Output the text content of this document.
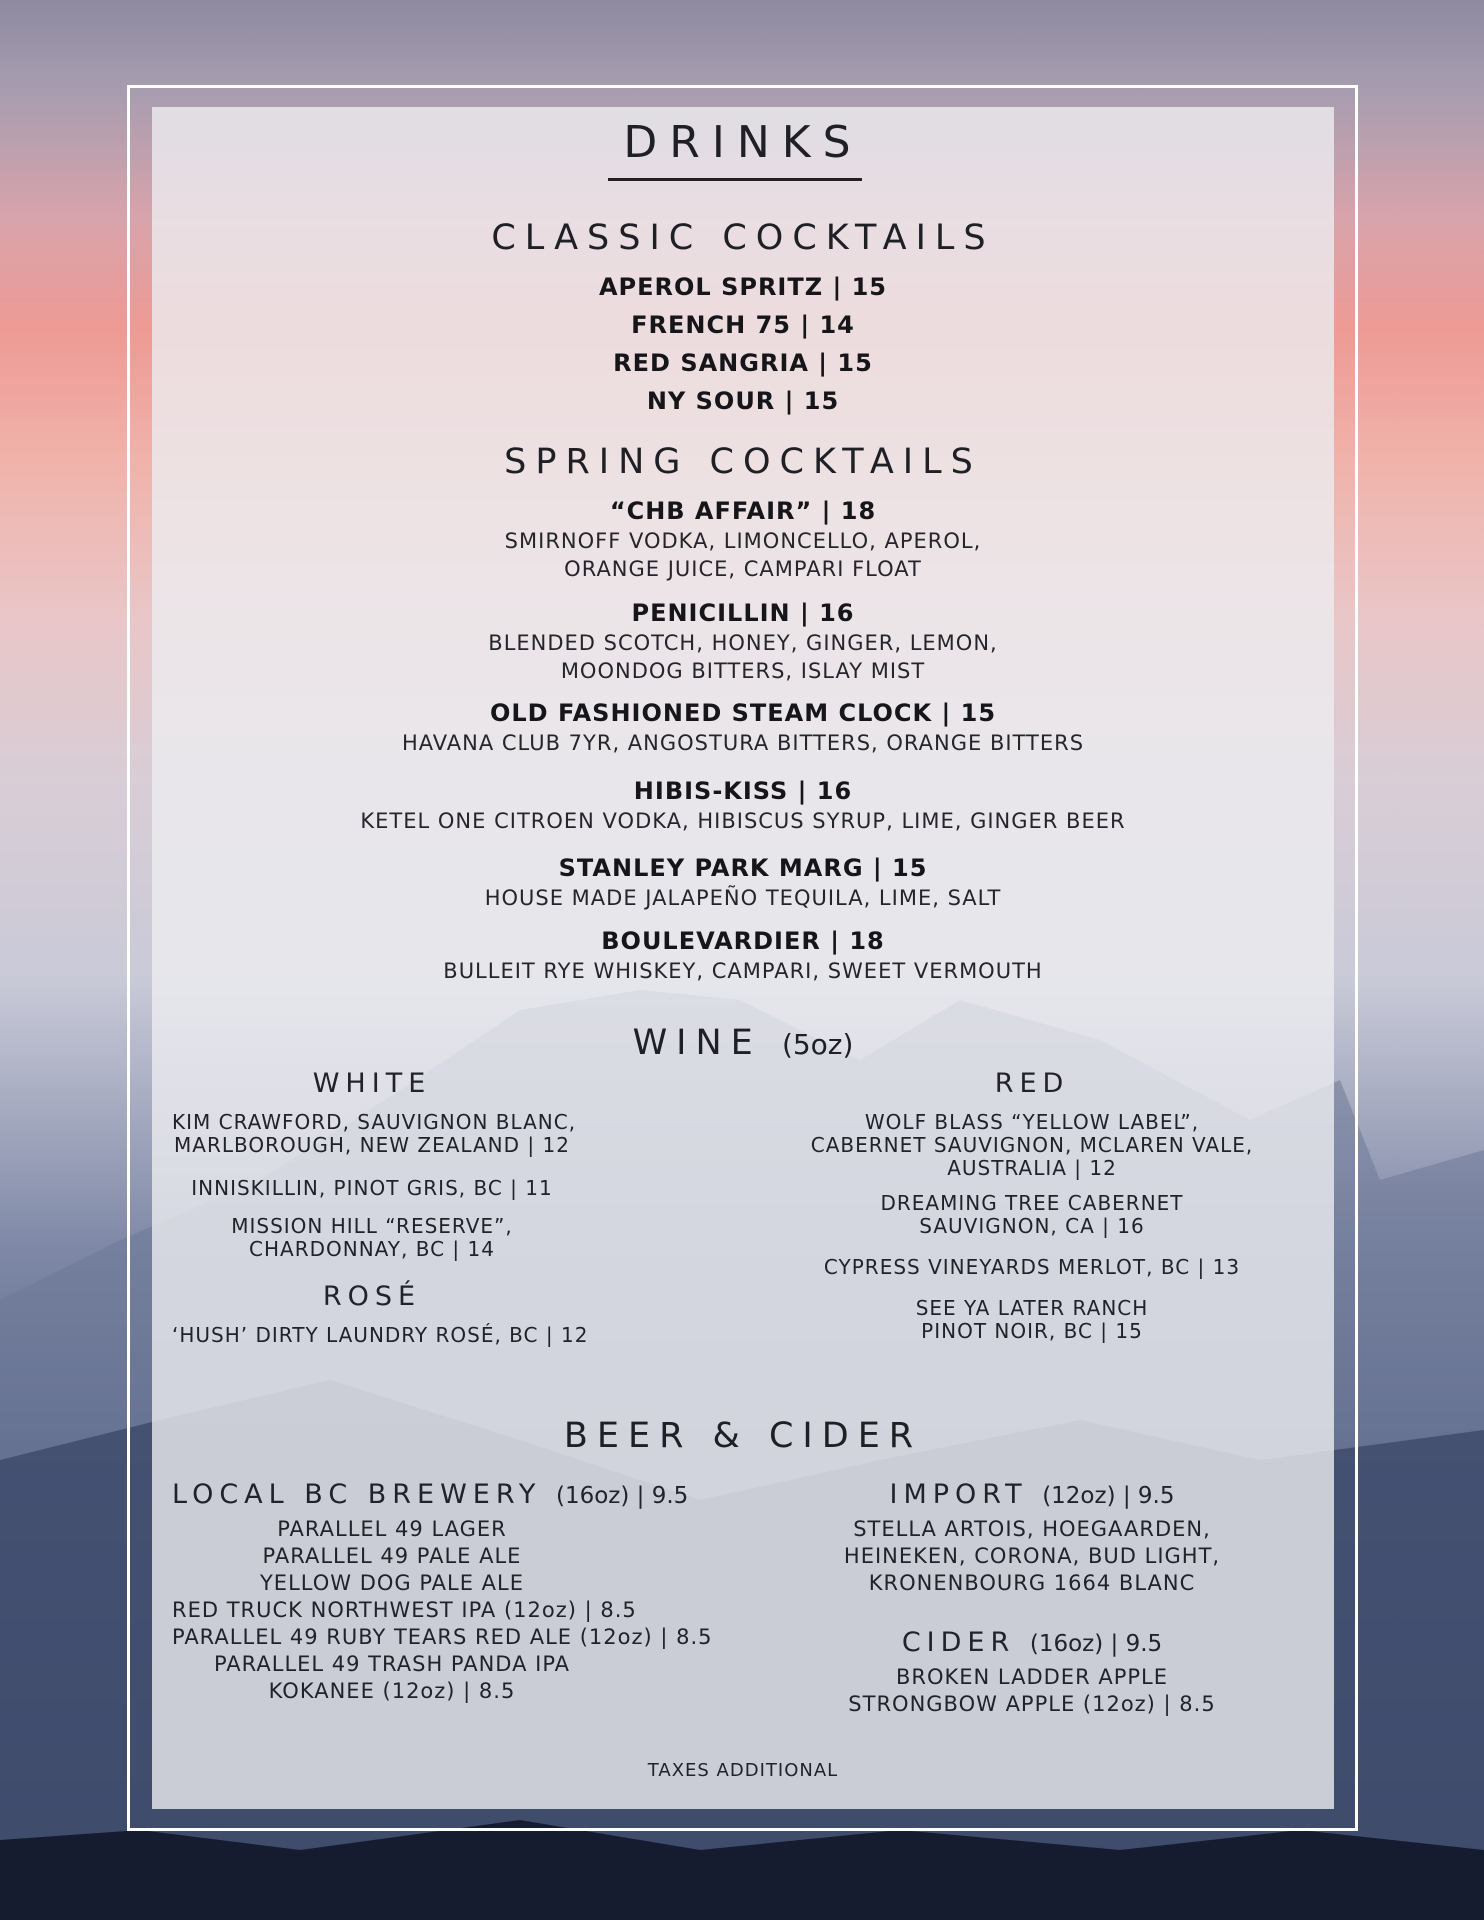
DRINKS
CLASSIC COCKTAILS
APEROL SPRITZ | 15
FRENCH 75 | 14
RED SANGRIA | 15
NY SOUR | 15
SPRING COCKTAILS
“CHB AFFAIR” | 18
SMIRNOFF VODKA, LIMONCELLO, APEROL,
ORANGE JUICE, CAMPARI FLOAT
PENICILLIN | 16
BLENDED SCOTCH, HONEY, GINGER, LEMON,
MOONDOG BITTERS, ISLAY MIST
OLD FASHIONED STEAM CLOCK | 15
HAVANA CLUB 7YR, ANGOSTURA BITTERS, ORANGE BITTERS
HIBIS-KISS | 16
KETEL ONE CITROEN VODKA, HIBISCUS SYRUP, LIME, GINGER BEER
STANLEY PARK MARG | 15
HOUSE MADE JALAPEÑO TEQUILA, LIME, SALT
BOULEVARDIER | 18
BULLEIT RYE WHISKEY, CAMPARI, SWEET VERMOUTH
WINE (5oz)
WHITE
KIM CRAWFORD, SAUVIGNON BLANC,
MARLBOROUGH, NEW ZEALAND | 12
INNISKILLIN, PINOT GRIS, BC | 11
MISSION HILL “RESERVE”,
CHARDONNAY, BC | 14
ROSÉ
‘HUSH’ DIRTY LAUNDRY ROSÉ, BC | 12
RED
WOLF BLASS “YELLOW LABEL”,
CABERNET SAUVIGNON, MCLAREN VALE,
AUSTRALIA | 12
DREAMING TREE CABERNET
SAUVIGNON, CA | 16
CYPRESS VINEYARDS MERLOT, BC | 13
SEE YA LATER RANCH
PINOT NOIR, BC | 15
BEER & CIDER
LOCAL BC BREWERY (16oz) | 9.5
PARALLEL 49 LAGER
PARALLEL 49 PALE ALE
YELLOW DOG PALE ALE
RED TRUCK NORTHWEST IPA (12oz) | 8.5
PARALLEL 49 RUBY TEARS RED ALE (12oz) | 8.5
PARALLEL 49 TRASH PANDA IPA
KOKANEE (12oz) | 8.5
IMPORT (12oz) | 9.5
STELLA ARTOIS, HOEGAARDEN,
HEINEKEN, CORONA, BUD LIGHT,
KRONENBOURG 1664 BLANC
CIDER (16oz) | 9.5
BROKEN LADDER APPLE
STRONGBOW APPLE (12oz) | 8.5
TAXES ADDITIONAL
